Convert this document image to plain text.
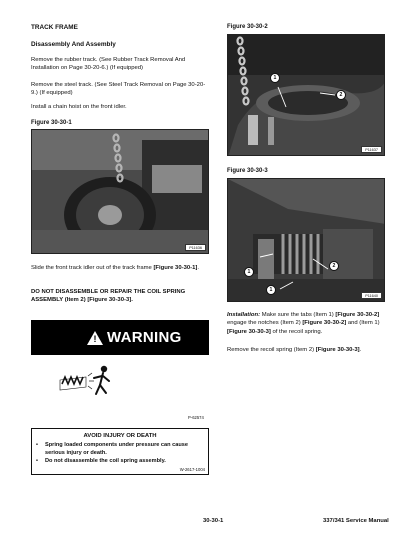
TRACK FRAME
Disassembly And Assembly

Remove the rubber track. (See Rubber Track Removal And Installation on Page 30-20-6.) (If equipped)

Remove the steel track. (See Steel Track Removal on Page 30-20-9.) (If equipped)

Install a chain hoist on the front idler.

Figure 30-30-1
P11636

Slide the front track idler out of the track frame [Figure 30-30-1].

DO NOT DISASSEMBLE OR REPAIR THE COIL SPRING ASSEMBLY (Item 2) [Figure 30-30-3].

! WARNING
P-62574
AVOID INJURY OR DEATH
•	Spring loaded components under pressure can cause serious injury or death.
•	Do not disassemble the coil spring assembly.
W-2617-1004
Figure 30-30-2
1
2
P11637
Figure 30-30-3
1
1
2
P11640

Installation: Make sure the tabs (Item 1) [Figure 30-30-2] engage the notches (Item 2) [Figure 30-30-2] and (Item 1) [Figure 30-30-3] of the recoil spring.

Remove the recoil spring (Item 2) [Figure 30-30-3].

30-30-1	337/341 Service Manual
